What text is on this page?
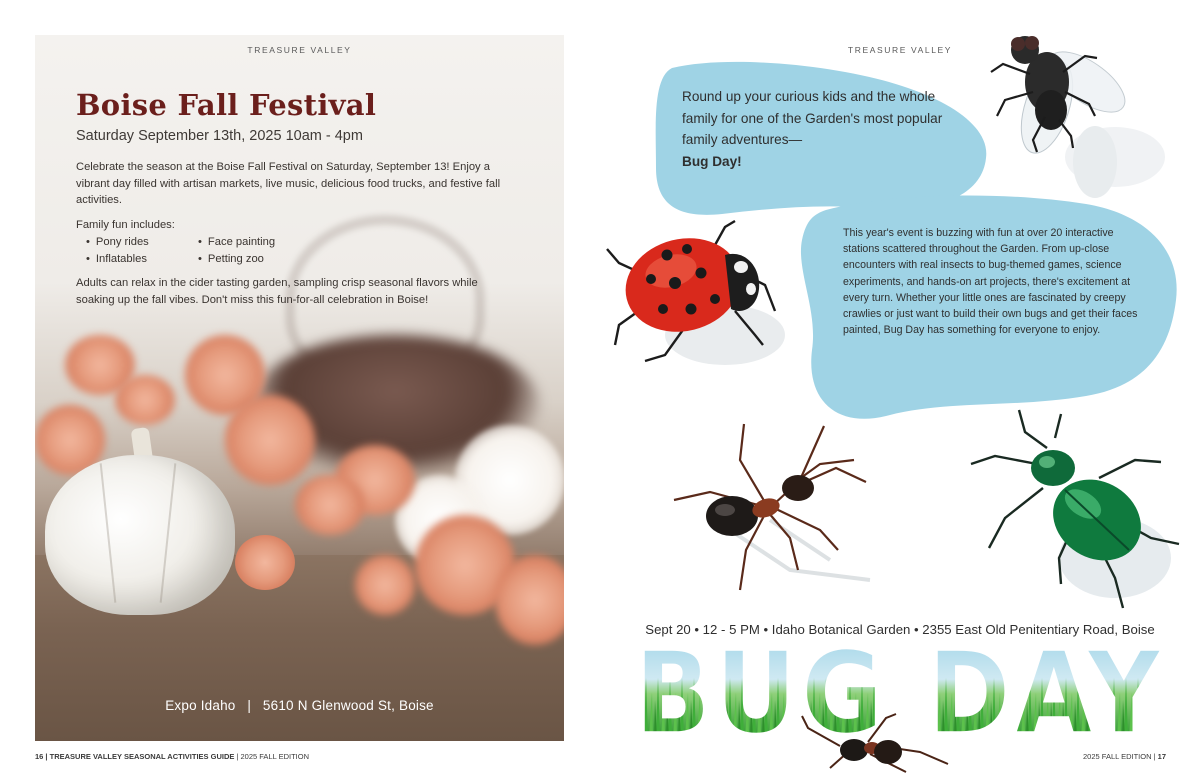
TREASURE VALLEY
Boise Fall Festival
Saturday September 13th, 2025 10am - 4pm

Celebrate the season at the Boise Fall Festival on Saturday, September 13! Enjoy a vibrant day filled with artisan markets, live music, delicious food trucks, and festive fall activities.

Family fun includes:
• Pony rides	• Face painting
• Inflatables	• Petting zoo

Adults can relax in the cider tasting garden, sampling crisp seasonal flavors while soaking up the fall vibes. Don't miss this fun-for-all celebration in Boise!

Expo Idaho   |   5610 N Glenwood St, Boise
16 | TREASURE VALLEY SEASONAL ACTIVITIES GUIDE | 2025 FALL EDITION
TREASURE VALLEY
Round up your curious kids and the whole family for one of the Garden's most popular family adventures—
Bug Day!
This year's event is buzzing with fun at over 20 interactive stations scattered throughout the Garden. From up-close encounters with real insects to bug-themed games, science experiments, and hands-on art projects, there's excitement at every turn. Whether your little ones are fascinated by creepy crawlies or just want to build their own bugs and get their faces painted, Bug Day has something for everyone to enjoy.
Sept 20 • 12 - 5 PM • Idaho Botanical Garden • 2355 East Old Penitentiary Road, Boise
BUG DAY
2025 FALL EDITION | 17
